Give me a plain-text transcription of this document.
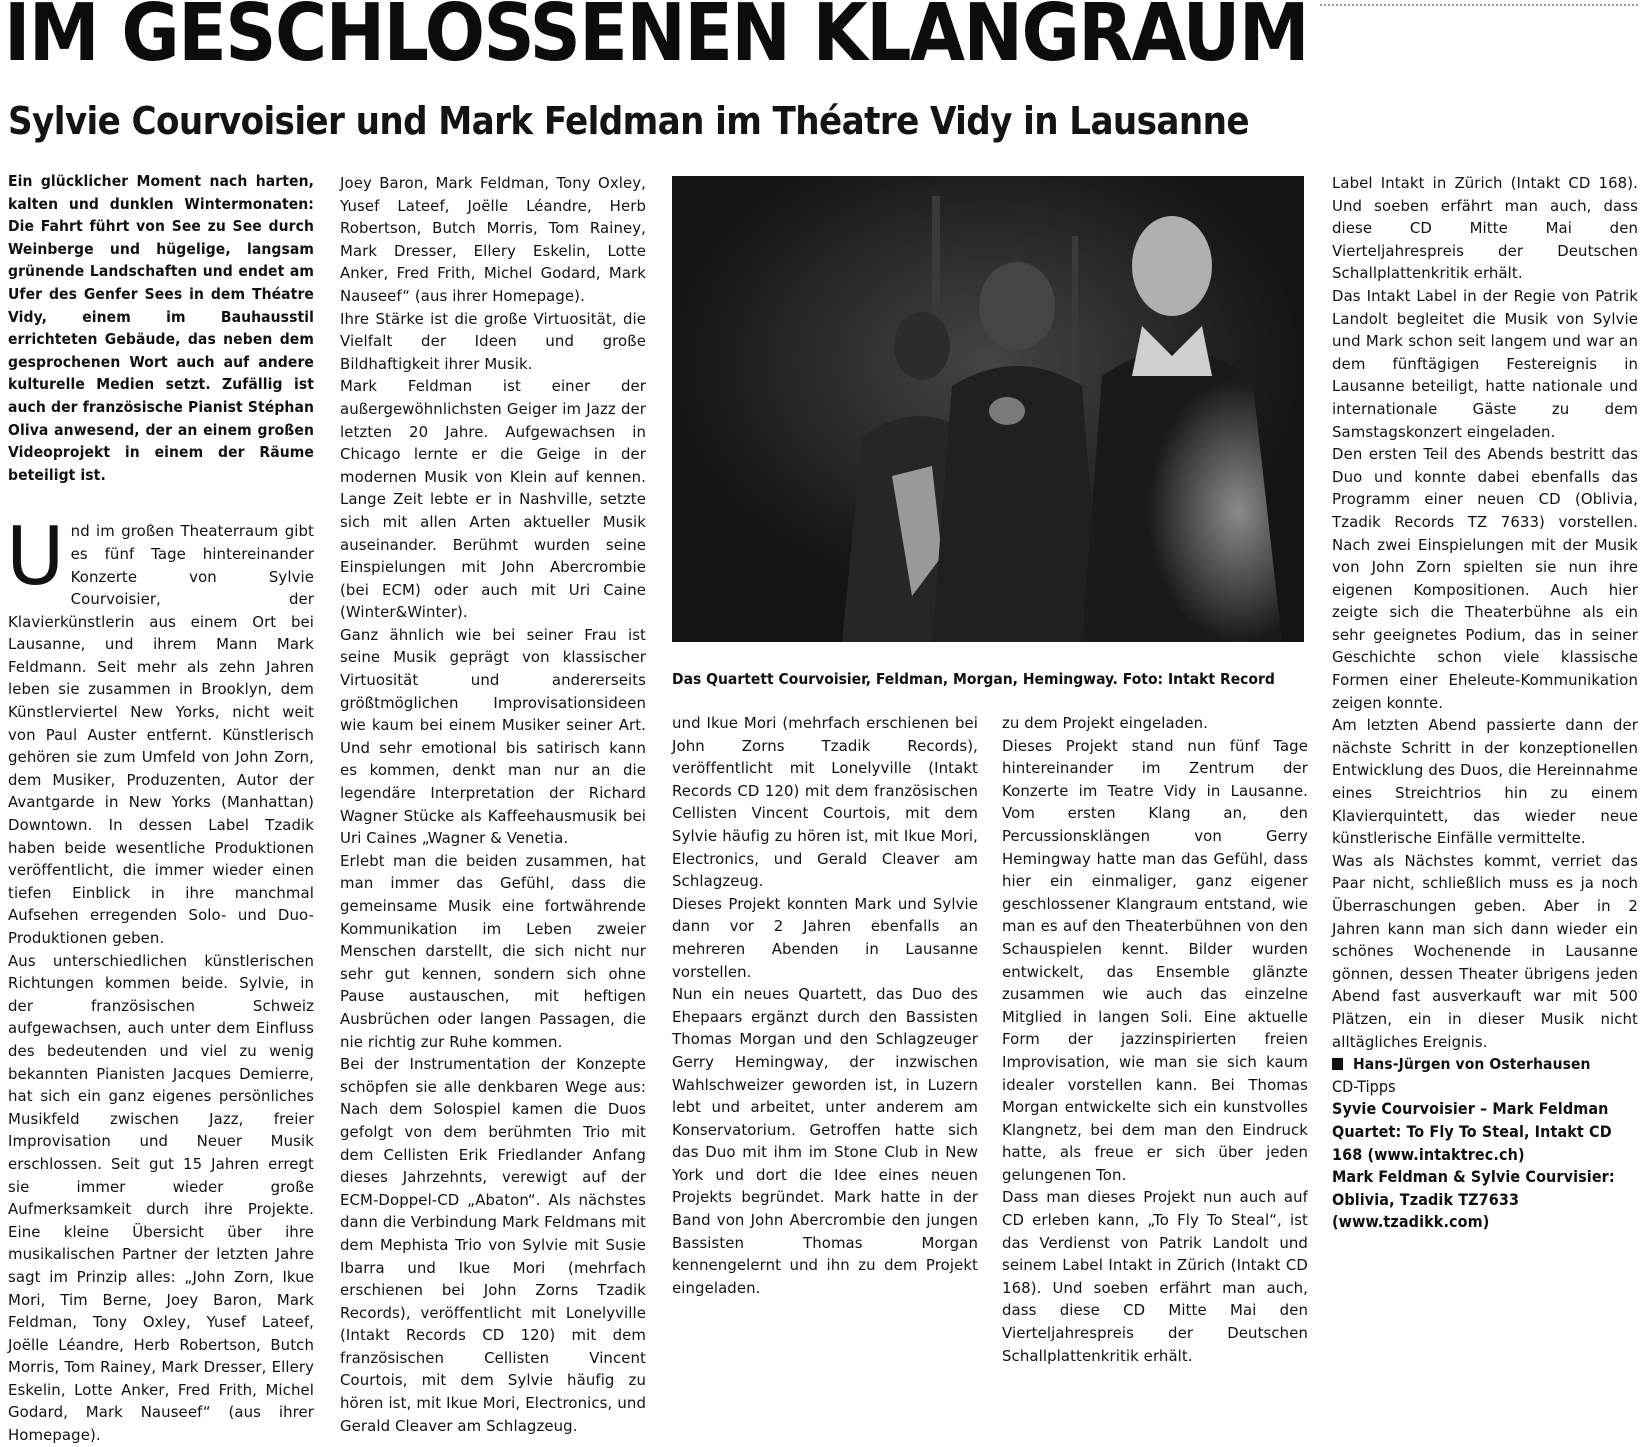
IM GESCHLOSSENEN KLANGRAUM
Sylvie Courvoisier und Mark Feldman im Théatre Vidy in Lausanne

Ein glücklicher Moment nach harten, kalten und dunklen Wintermonaten: Die Fahrt führt von See zu See durch Weinberge und hügelige, langsam grünende Landschaften und endet am Ufer des Genfer Sees in dem Théatre Vidy, einem im Bauhausstil errichteten Gebäude, das neben dem gesprochenen Wort auch auf andere kulturelle Medien setzt. Zufällig ist auch der französische Pianist Stéphan Oliva anwesend, der an einem großen Videoprojekt in einem der Räume beteiligt ist.

Und im großen Theaterraum gibt es fünf Tage hintereinander Konzerte von Sylvie Courvoisier, der Klavierkünstlerin aus einem Ort bei Lausanne, und ihrem Mann Mark Feldmann. Seit mehr als zehn Jahren leben sie zusammen in Brooklyn, dem Künstlerviertel New Yorks, nicht weit von Paul Auster entfernt. Künstlerisch gehören sie zum Umfeld von John Zorn, dem Musiker, Produzenten, Autor der Avantgarde in New Yorks (Manhattan) Downtown. In dessen Label Tzadik haben beide wesentliche Produktionen veröffentlicht, die immer wieder einen tiefen Einblick in ihre manchmal Aufsehen erregenden Solo- und Duo-Produktionen geben.

Aus unterschiedlichen künstlerischen Richtungen kommen beide. Sylvie, in der französischen Schweiz aufgewachsen, auch unter dem Einfluss des bedeutenden und viel zu wenig bekannten Pianisten Jacques Demierre, hat sich ein ganz eigenes persönliches Musikfeld zwischen Jazz, freier Improvisation und Neuer Musik erschlossen. Seit gut 15 Jahren erregt sie immer wieder große Aufmerksamkeit durch ihre Projekte. Eine kleine Übersicht über ihre musikalischen Partner der letzten Jahre sagt im Prinzip alles: „John Zorn, Ikue Mori, Tim Berne, Joey Baron, Mark Feldman, Tony Oxley, Yusef Lateef, Joëlle Léandre, Herb Robertson, Butch Morris, Tom Rainey, Mark Dresser, Ellery Eskelin, Lotte Anker, Fred Frith, Michel Godard, Mark Nauseef“ (aus ihrer Homepage).

Joey Baron, Mark Feldman, Tony Oxley, Yusef Lateef, Joëlle Léandre, Herb Robertson, Butch Morris, Tom Rainey, Mark Dresser, Ellery Eskelin, Lotte Anker, Fred Frith, Michel Godard, Mark Nauseef“ (aus ihrer Homepage).

Ihre Stärke ist die große Virtuosität, die Vielfalt der Ideen und große Bildhaftigkeit ihrer Musik.

Mark Feldman ist einer der außergewöhnlichsten Geiger im Jazz der letzten 20 Jahre. Aufgewachsen in Chicago lernte er die Geige in der modernen Musik von Klein auf kennen. Lange Zeit lebte er in Nashville, setzte sich mit allen Arten aktueller Musik auseinander. Berühmt wurden seine Einspielungen mit John Abercrombie (bei ECM) oder auch mit Uri Caine (Winter&Winter).

Ganz ähnlich wie bei seiner Frau ist seine Musik geprägt von klassischer Virtuosität und andererseits größtmöglichen Improvisationsideen wie kaum bei einem Musiker seiner Art. Und sehr emotional bis satirisch kann es kommen, denkt man nur an die legendäre Interpretation der Richard Wagner Stücke als Kaffeehausmusik bei Uri Caines „Wagner & Venetia.

Erlebt man die beiden zusammen, hat man immer das Gefühl, dass die gemeinsame Musik eine fortwährende Kommunikation im Leben zweier Menschen darstellt, die sich nicht nur sehr gut kennen, sondern sich ohne Pause austauschen, mit heftigen Ausbrüchen oder langen Passagen, die nie richtig zur Ruhe kommen.

Bei der Instrumentation der Konzepte schöpfen sie alle denkbaren Wege aus: Nach dem Solospiel kamen die Duos gefolgt von dem berühmten Trio mit dem Cellisten Erik Friedlander Anfang dieses Jahrzehnts, verewigt auf der ECM-Doppel-CD „Abaton“. Als nächstes dann die Verbindung Mark Feldmans mit dem Mephista Trio von Sylvie mit Susie Ibarra und Ikue Mori (mehrfach erschienen bei John Zorns Tzadik Records), veröffentlicht mit Lonelyville (Intakt Records CD 120) mit dem französischen Cellisten Vincent Courtois, mit dem Sylvie häufig zu hören ist, mit Ikue Mori, Electronics, und Gerald Cleaver am Schlagzeug.

Das Quartett Courvoisier, Feldman, Morgan, Hemingway. Foto: Intakt Record

und Ikue Mori (mehrfach erschienen bei John Zorns Tzadik Records), veröffentlicht mit Lonelyville (Intakt Records CD 120) mit dem französischen Cellisten Vincent Courtois, mit dem Sylvie häufig zu hören ist, mit Ikue Mori, Electronics, und Gerald Cleaver am Schlagzeug.

Dieses Projekt konnten Mark und Sylvie dann vor 2 Jahren ebenfalls an mehreren Abenden in Lausanne vorstellen.

Nun ein neues Quartett, das Duo des Ehepaars ergänzt durch den Bassisten Thomas Morgan und den Schlagzeuger Gerry Hemingway, der inzwischen Wahlschweizer geworden ist, in Luzern lebt und arbeitet, unter anderem am Konservatorium. Getroffen hatte sich das Duo mit ihm im Stone Club in New York und dort die Idee eines neuen Projekts begründet. Mark hatte in der Band von John Abercrombie den jungen Bassisten Thomas Morgan kennengelernt und ihn zu dem Projekt eingeladen.

zu dem Projekt eingeladen.

Dieses Projekt stand nun fünf Tage hintereinander im Zentrum der Konzerte im Teatre Vidy in Lausanne. Vom ersten Klang an, den Percussionsklängen von Gerry Hemingway hatte man das Gefühl, dass hier ein einmaliger, ganz eigener geschlossener Klangraum entstand, wie man es auf den Theaterbühnen von den Schauspielen kennt. Bilder wurden entwickelt, das Ensemble glänzte zusammen wie auch das einzelne Mitglied in langen Soli. Eine aktuelle Form der jazzinspirierten freien Improvisation, wie man sie sich kaum idealer vorstellen kann. Bei Thomas Morgan entwickelte sich ein kunstvolles Klangnetz, bei dem man den Eindruck hatte, als freue er sich über jeden gelungenen Ton.

Dass man dieses Projekt nun auch auf CD erleben kann, „To Fly To Steal“, ist das Verdienst von Patrik Landolt und seinem Label Intakt in Zürich (Intakt CD 168). Und soeben erfährt man auch, dass diese CD Mitte Mai den Vierteljahrespreis der Deutschen Schallplattenkritik erhält.

Label Intakt in Zürich (Intakt CD 168). Und soeben erfährt man auch, dass diese CD Mitte Mai den Vierteljahrespreis der Deutschen Schallplattenkritik erhält.

Das Intakt Label in der Regie von Patrik Landolt begleitet die Musik von Sylvie und Mark schon seit langem und war an dem fünftägigen Festereignis in Lausanne beteiligt, hatte nationale und internationale Gäste zu dem Samstagskonzert eingeladen.

Den ersten Teil des Abends bestritt das Duo und konnte dabei ebenfalls das Programm einer neuen CD (Oblivia, Tzadik Records TZ 7633) vorstellen. Nach zwei Einspielungen mit der Musik von John Zorn spielten sie nun ihre eigenen Kompositionen. Auch hier zeigte sich die Theaterbühne als ein sehr geeignetes Podium, das in seiner Geschichte schon viele klassische Formen einer Eheleute-Kommunikation zeigen konnte.

Am letzten Abend passierte dann der nächste Schritt in der konzeptionellen Entwicklung des Duos, die Hereinnahme eines Streichtrios hin zu einem Klavierquintett, das wieder neue künstlerische Einfälle vermittelte.

Was als Nächstes kommt, verriet das Paar nicht, schließlich muss es ja noch Überraschungen geben. Aber in 2 Jahren kann man sich dann wieder ein schönes Wochenende in Lausanne gönnen, dessen Theater übrigens jeden Abend fast ausverkauft war mit 500 Plätzen, ein in dieser Musik nicht alltägliches Ereignis.

Hans-Jürgen von Osterhausen

CD-Tipps

Syvie Courvoisier – Mark Feldman Quartet: To Fly To Steal, Intakt CD 168 (www.intaktrec.ch)

Mark Feldman & Sylvie Courvisier: Oblivia, Tzadik TZ7633 (www.tzadikk.com)
